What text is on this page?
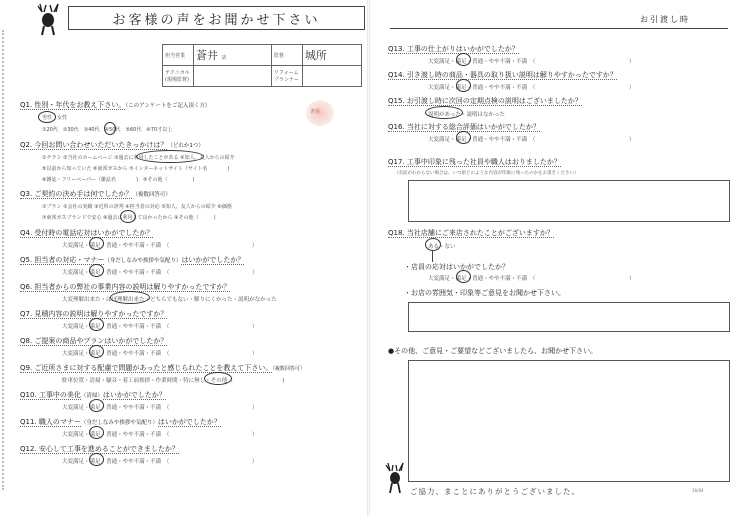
お客様の声をお聞かせ下さい
担当営業	蒼井 店	監督	城所
テクニカル(現場監督)		リフォームプランナー	
書第
Q1. 性別・年代をお教え下さい。（このアンケートをご記入頂く方）
男性　 女性
①20代　 ②30代　 ③40代　 ④50代　 ⑤60代　 ⑥70才以上
Q2. 今回お問い合わせいただいたきっかけは？（どれか1つ）
①チラシ ②当社のホームページ ③過去に利用したことがある ④知人、友人からの紹介
⑤以前から知っていた ⑥東邦ガスから ⑦インターネットサイト（サイト名　　　　	)
⑧雑誌・フリーペーパー（雑誌名　　　　	)　 ⑨その他（　　　　　	)
Q3. ご契約の決め手は何でしたか？（複数回答可）
①プラン ②会社の実績 ③近所の評判 ④担当者の対応 ⑤知人、友人からの紹介 ⑥価格
⑦東邦ガスブランドで安心 ⑧過去に利用して良かったから ⑨その他（　　　	)
Q4. 受付時の電話応対はいかがでしたか？
大変満足・満足・普通・やや不満・不満　 （　　　　　　　　　　　　　　　	）
Q5. 担当者の対応・マナー（身だしなみや挨拶や気配り）はいかがでしたか？
大変満足・満足・普通・やや不満・不満　 （　　　　　　　　　　　　　　　	）
Q6. 担当者からの弊社の事業内容の説明は解りやすかったですか？
大変理解出来た・ほぼ理解出来た・どちらでもない・解りにくかった・説明がなかった
Q7. 見積内容の説明は解りやすかったですか？
大変満足・満足・普通・やや不満・不満　 （　　　　　　　　　　　　　　　	）
Q8. ご提案の商品やプランはいかがでしたか？
大変満足・満足・普通・やや不満・不満　 （　　　　　　　　　　　　　　　	）
Q9. ご近所さまに対する配慮で問題があったと感じられたことを教えて下さい。（複数回答可）
駐車位置・清掃・騒音・着工前挨拶・作業時間・特に無し・その他（　　　　　　　　　	)
Q10. 工事中の美化（清掃）はいかがでしたか？
大変満足・満足・普通・やや不満・不満　 （　　　　　　　　　　　　　　　	）
Q11. 職人のマナー（身だしなみや挨拶や気配り）はいかがでしたか？
大変満足・満足・普通・やや不満・不満　 （　　　　　　　　　　　　　　　	）
Q12. 安心して工事を進めることができましたか？
大変満足・満足・普通・やや不満・不満　 （　　　　　　　　　　　　　　　	）
お引渡し時
Q13. 工事の仕上がりはいかがでしたか？
大変満足・満足・普通・やや不満・不満　 （　　　　　　　　　　　　　　　　　	）
Q14. 引き渡し時の商品・器具の取り扱い説明は解りやすかったですか？
大変満足・満足・普通・やや不満・不満　 （　　　　　　　　　　　　　　　　　	）
Q15. お引渡し時に次回の定期点検の説明はございましたか？
説明があった・説明はなかった
Q16. 当社に対する総合評価はいかがでしたか？
大変満足・満足・普通・やや不満・不満　 （　　　　　　　　　　　　　　　　　	）
Q17. 工事中印象に残った社員や職人はおりましたか？
（名前がわからない場合は、いつ頃どのような内容が印象に残ったのかをお書きください）
Q18. 当社店舗にご来店されたことがございますか？
ある・ない
・店員の応対はいかがでしたか？
大変満足・満足・普通・やや不満・不満　 （　　　　　　　　　　　　　　　　　	）
・お店の雰囲気・印象等ご意見をお聞かせ下さい。
●その他、ご意見・ご要望などございましたら、お聞かせ下さい。
ご協力、まことにありがとうございました。	16/04
